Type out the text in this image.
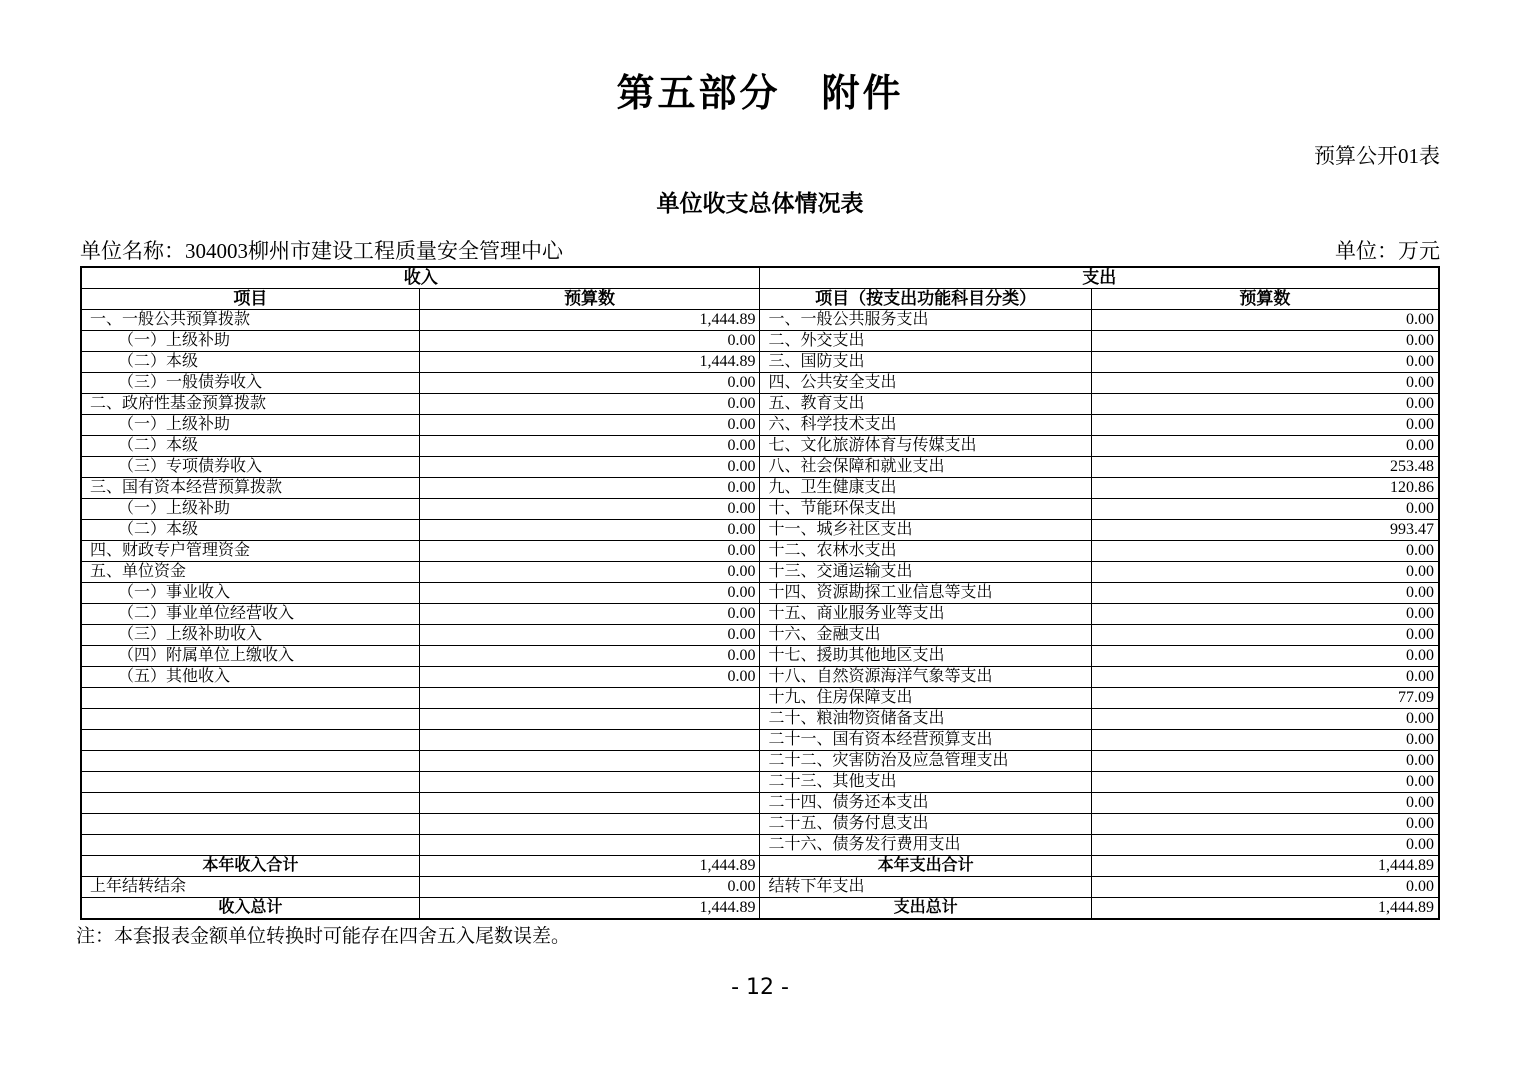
第五部分　附件
预算公开01表
单位收支总体情况表
单位名称：304003柳州市建设工程质量安全管理中心	单位：万元
收入		支出	
项目	预算数	项目（按支出功能科目分类）	预算数
一、一般公共预算拨款	1,444.89	一、一般公共服务支出	0.00
（一）上级补助	0.00	二、外交支出	0.00
（二）本级	1,444.89	三、国防支出	0.00
（三）一般债券收入	0.00	四、公共安全支出	0.00
二、政府性基金预算拨款	0.00	五、教育支出	0.00
（一）上级补助	0.00	六、科学技术支出	0.00
（二）本级	0.00	七、文化旅游体育与传媒支出	0.00
（三）专项债券收入	0.00	八、社会保障和就业支出	253.48
三、国有资本经营预算拨款	0.00	九、卫生健康支出	120.86
（一）上级补助	0.00	十、节能环保支出	0.00
（二）本级	0.00	十一、城乡社区支出	993.47
四、财政专户管理资金	0.00	十二、农林水支出	0.00
五、单位资金	0.00	十三、交通运输支出	0.00
（一）事业收入	0.00	十四、资源勘探工业信息等支出	0.00
（二）事业单位经营收入	0.00	十五、商业服务业等支出	0.00
（三）上级补助收入	0.00	十六、金融支出	0.00
（四）附属单位上缴收入	0.00	十七、援助其他地区支出	0.00
（五）其他收入	0.00	十八、自然资源海洋气象等支出	0.00
		十九、住房保障支出	77.09
		二十、粮油物资储备支出	0.00
		二十一、国有资本经营预算支出	0.00
		二十二、灾害防治及应急管理支出	0.00
		二十三、其他支出	0.00
		二十四、债务还本支出	0.00
		二十五、债务付息支出	0.00
		二十六、债务发行费用支出	0.00
本年收入合计	1,444.89	本年支出合计	1,444.89
上年结转结余	0.00	结转下年支出	0.00
收入总计	1,444.89	支出总计	1,444.89
注：本套报表金额单位转换时可能存在四舍五入尾数误差。
- 12 -
